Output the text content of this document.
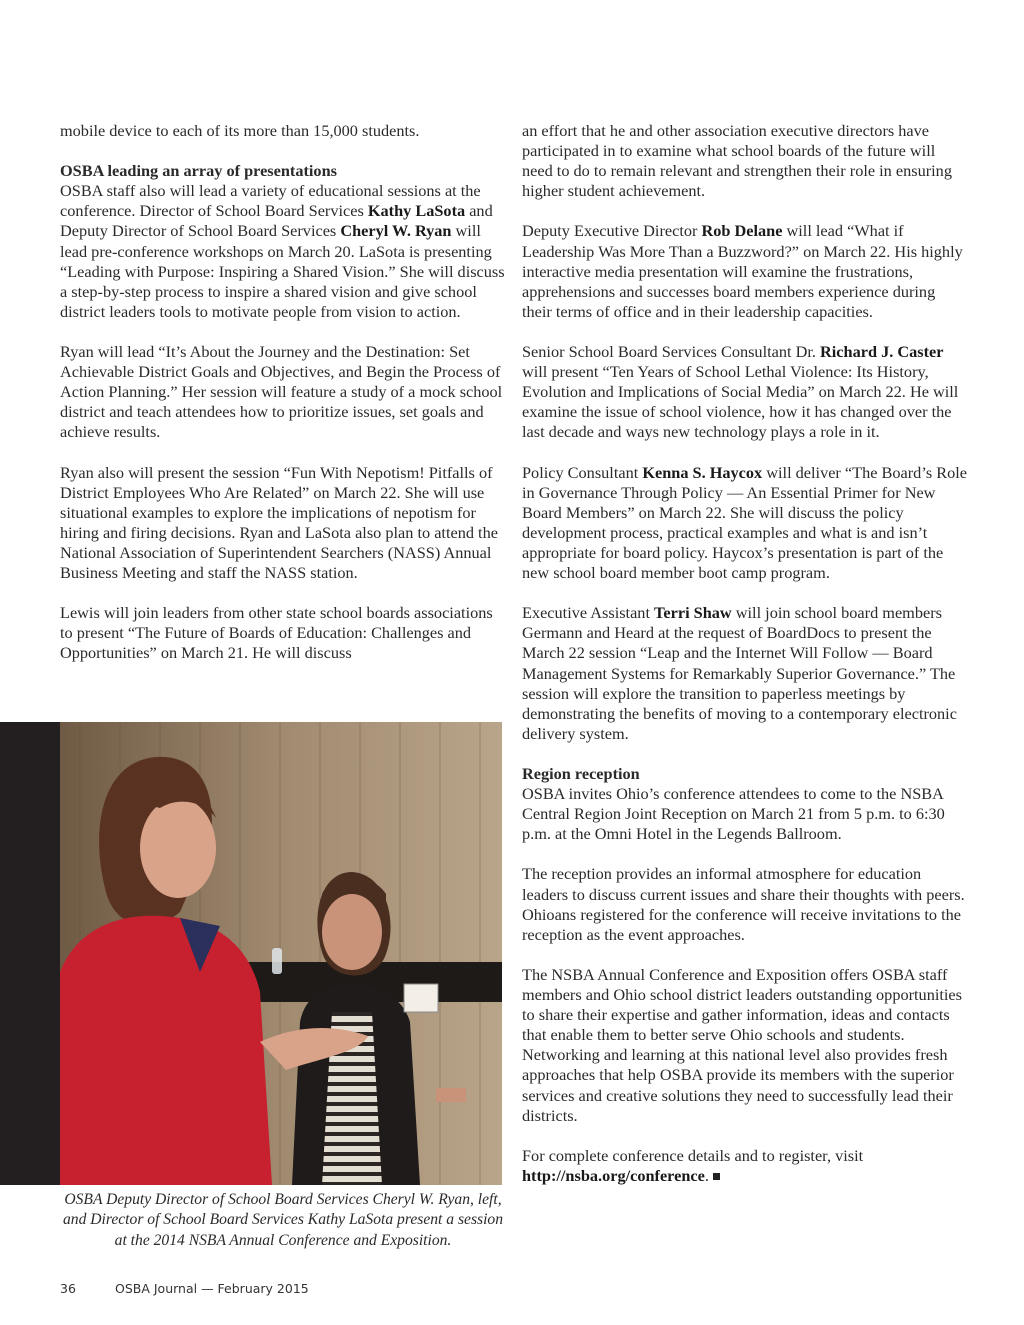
mobile device to each of its more than 15,000 students.

OSBA leading an array of presentations
OSBA staff also will lead a variety of educational sessions at the conference. Director of School Board Services Kathy LaSota and Deputy Director of School Board Services Cheryl W. Ryan will lead pre-conference workshops on March 20. LaSota is presenting “Leading with Purpose: Inspiring a Shared Vision.” She will discuss a step-by-step process to inspire a shared vision and give school district leaders tools to motivate people from vision to action.

Ryan will lead “It’s About the Journey and the Destination: Set Achievable District Goals and Objectives, and Begin the Process of Action Planning.” Her session will feature a study of a mock school district and teach attendees how to prioritize issues, set goals and achieve results.

Ryan also will present the session “Fun With Nepotism! Pitfalls of District Employees Who Are Related” on March 22. She will use situational examples to explore the implications of nepotism for hiring and firing decisions. Ryan and LaSota also plan to attend the National Association of Superintendent Searchers (NASS) Annual Business Meeting and staff the NASS station.

Lewis will join leaders from other state school boards associations to present “The Future of Boards of Education: Challenges and Opportunities” on March 21. He will discuss

an effort that he and other association executive directors have participated in to examine what school boards of the future will need to do to remain relevant and strengthen their role in ensuring higher student achievement.

Deputy Executive Director Rob Delane will lead “What if Leadership Was More Than a Buzzword?” on March 22. His highly interactive media presentation will examine the frustrations, apprehensions and successes board members experience during their terms of office and in their leadership capacities.

Senior School Board Services Consultant Dr. Richard J. Caster will present “Ten Years of School Lethal Violence: Its History, Evolution and Implications of Social Media” on March 22. He will examine the issue of school violence, how it has changed over the last decade and ways new technology plays a role in it.

Policy Consultant Kenna S. Haycox will deliver “The Board’s Role in Governance Through Policy — An Essential Primer for New Board Members” on March 22. She will discuss the policy development process, practical examples and what is and isn’t appropriate for board policy. Haycox’s presentation is part of the new school board member boot camp program.

Executive Assistant Terri Shaw will join school board members Germann and Heard at the request of BoardDocs to present the March 22 session “Leap and the Internet Will Follow — Board Management Systems for Remarkably Superior Governance.” The session will explore the transition to paperless meetings by demonstrating the benefits of moving to a contemporary electronic delivery system.

Region reception
OSBA invites Ohio’s conference attendees to come to the NSBA Central Region Joint Reception on March 21 from 5 p.m. to 6:30 p.m. at the Omni Hotel in the Legends Ballroom.

The reception provides an informal atmosphere for education leaders to discuss current issues and share their thoughts with peers. Ohioans registered for the conference will receive invitations to the reception as the event approaches.

The NSBA Annual Conference and Exposition offers OSBA staff members and Ohio school district leaders outstanding opportunities to share their expertise and gather information, ideas and contacts that enable them to better serve Ohio schools and students. Networking and learning at this national level also provides fresh approaches that help OSBA provide its members with the superior services and creative solutions they need to successfully lead their districts.

For complete conference details and to register, visit http://nsba.org/conference.

OSBA Deputy Director of School Board Services Cheryl W. Ryan, left, and Director of School Board Services Kathy LaSota present a session at the 2014 NSBA Annual Conference and Exposition.
36	OSBA Journal — February 2015
